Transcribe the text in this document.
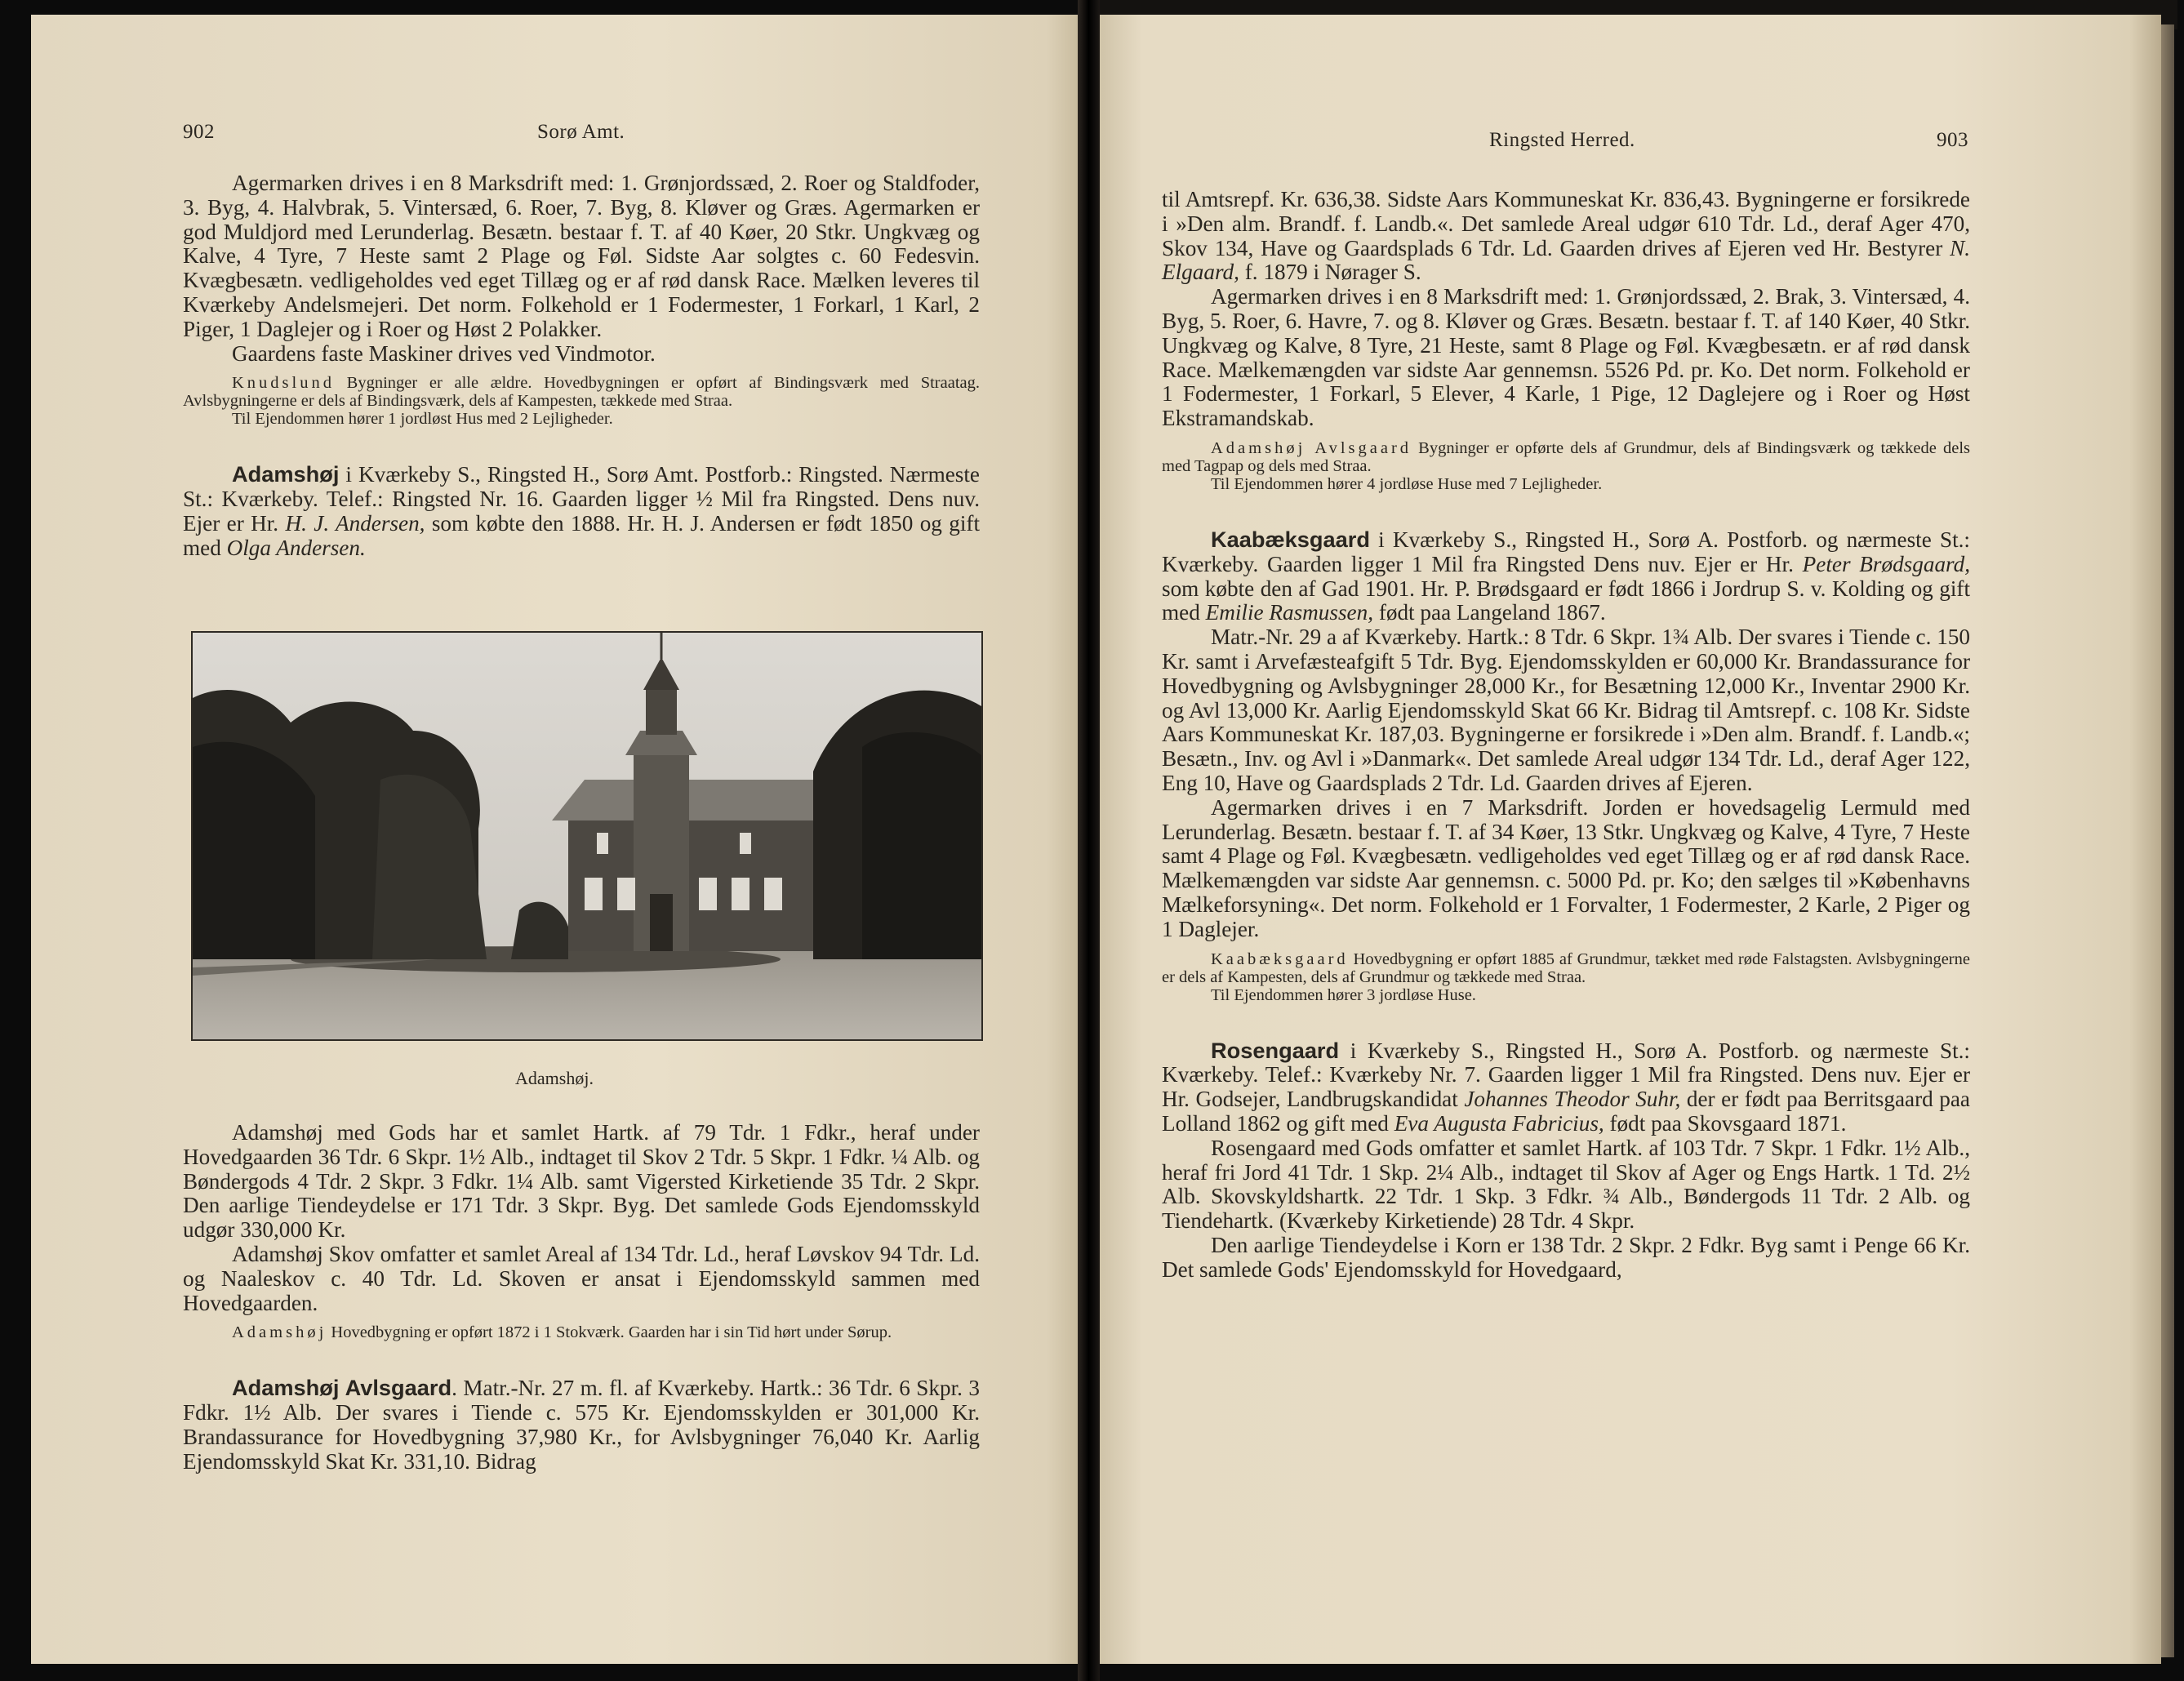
902	Sorø Amt.

Agermarken drives i en 8 Marksdrift med: 1. Grønjordssæd, 2. Roer og Staldfoder, 3. Byg, 4. Halvbrak, 5. Vintersæd, 6. Roer, 7. Byg, 8. Kløver og Græs. Agermarken er god Muldjord med Lerunderlag. Besætn. bestaar f. T. af 40 Køer, 20 Stkr. Ungkvæg og Kalve, 4 Tyre, 7 Heste samt 2 Plage og Føl. Sidste Aar solgtes c. 60 Fedesvin. Kvægbesætn. vedligeholdes ved eget Tillæg og er af rød dansk Race. Mælken leveres til Kværkeby Andelsmejeri. Det norm. Folkehold er 1 Fodermester, 1 Forkarl, 1 Karl, 2 Piger, 1 Daglejer og i Roer og Høst 2 Polakker.

Gaardens faste Maskiner drives ved Vindmotor.

Knudslund Bygninger er alle ældre. Hovedbygningen er opført af Bindingsværk med Straatag. Avlsbygningerne er dels af Bindingsværk, dels af Kampesten, tækkede med Straa.

Til Ejendommen hører 1 jordløst Hus med 2 Lejligheder.

Adamshøj i Kværkeby S., Ringsted H., Sorø Amt. Postforb.: Ringsted. Nærmeste St.: Kværkeby. Telef.: Ringsted Nr. 16. Gaarden ligger ½ Mil fra Ringsted. Dens nuv. Ejer er Hr. H. J. Andersen, som købte den 1888. Hr. H. J. Andersen er født 1850 og gift med Olga Andersen.

Adamshøj.

Adamshøj med Gods har et samlet Hartk. af 79 Tdr. 1 Fdkr., heraf under Hovedgaarden 36 Tdr. 6 Skpr. 1½ Alb., indtaget til Skov 2 Tdr. 5 Skpr. 1 Fdkr. ¼ Alb. og Bøndergods 4 Tdr. 2 Skpr. 3 Fdkr. 1¼ Alb. samt Vigersted Kirketiende 35 Tdr. 2 Skpr. Den aarlige Tiendeydelse er 171 Tdr. 3 Skpr. Byg. Det samlede Gods Ejendomsskyld udgør 330,000 Kr.

Adamshøj Skov omfatter et samlet Areal af 134 Tdr. Ld., heraf Løvskov 94 Tdr. Ld. og Naaleskov c. 40 Tdr. Ld. Skoven er ansat i Ejendomsskyld sammen med Hovedgaarden.

Adamshøj Hovedbygning er opført 1872 i 1 Stokværk. Gaarden har i sin Tid hørt under Sørup.

Adamshøj Avlsgaard. Matr.-Nr. 27 m. fl. af Kværkeby. Hartk.: 36 Tdr. 6 Skpr. 3 Fdkr. 1½ Alb. Der svares i Tiende c. 575 Kr. Ejendomsskylden er 301,000 Kr. Brandassurance for Hovedbygning 37,980 Kr., for Avlsbygninger 76,040 Kr. Aarlig Ejendomsskyld Skat Kr. 331,10. Bidrag

Ringsted Herred.	903

til Amtsrepf. Kr. 636,38. Sidste Aars Kommuneskat Kr. 836,43. Bygningerne er forsikrede i »Den alm. Brandf. f. Landb.«. Det samlede Areal udgør 610 Tdr. Ld., deraf Ager 470, Skov 134, Have og Gaardsplads 6 Tdr. Ld. Gaarden drives af Ejeren ved Hr. Bestyrer N. Elgaard, f. 1879 i Nørager S.

Agermarken drives i en 8 Marksdrift med: 1. Grønjordssæd, 2. Brak, 3. Vintersæd, 4. Byg, 5. Roer, 6. Havre, 7. og 8. Kløver og Græs. Besætn. bestaar f. T. af 140 Køer, 40 Stkr. Ungkvæg og Kalve, 8 Tyre, 21 Heste, samt 8 Plage og Føl. Kvægbesætn. er af rød dansk Race. Mælkemængden var sidste Aar gennemsn. 5526 Pd. pr. Ko. Det norm. Folkehold er 1 Fodermester, 1 Forkarl, 5 Elever, 4 Karle, 1 Pige, 12 Daglejere og i Roer og Høst Ekstramandskab.

Adamshøj Avlsgaard Bygninger er opførte dels af Grundmur, dels af Bindingsværk og tækkede dels med Tagpap og dels med Straa.

Til Ejendommen hører 4 jordløse Huse med 7 Lejligheder.

Kaabæksgaard i Kværkeby S., Ringsted H., Sorø A. Postforb. og nærmeste St.: Kværkeby. Gaarden ligger 1 Mil fra Ringsted Dens nuv. Ejer er Hr. Peter Brødsgaard, som købte den af Gad 1901. Hr. P. Brødsgaard er født 1866 i Jordrup S. v. Kolding og gift med Emilie Rasmussen, født paa Langeland 1867.

Matr.-Nr. 29 a af Kværkeby. Hartk.: 8 Tdr. 6 Skpr. 1¾ Alb. Der svares i Tiende c. 150 Kr. samt i Arvefæsteafgift 5 Tdr. Byg. Ejendomsskylden er 60,000 Kr. Brandassurance for Hovedbygning og Avlsbygninger 28,000 Kr., for Besætning 12,000 Kr., Inventar 2900 Kr. og Avl 13,000 Kr. Aarlig Ejendomsskyld Skat 66 Kr. Bidrag til Amtsrepf. c. 108 Kr. Sidste Aars Kommuneskat Kr. 187,03. Bygningerne er forsikrede i »Den alm. Brandf. f. Landb.«; Besætn., Inv. og Avl i »Danmark«. Det samlede Areal udgør 134 Tdr. Ld., deraf Ager 122, Eng 10, Have og Gaardsplads 2 Tdr. Ld. Gaarden drives af Ejeren.

Agermarken drives i en 7 Marksdrift. Jorden er hovedsagelig Lermuld med Lerunderlag. Besætn. bestaar f. T. af 34 Køer, 13 Stkr. Ungkvæg og Kalve, 4 Tyre, 7 Heste samt 4 Plage og Føl. Kvægbesætn. vedligeholdes ved eget Tillæg og er af rød dansk Race. Mælkemængden var sidste Aar gennemsn. c. 5000 Pd. pr. Ko; den sælges til »Københavns Mælkeforsyning«. Det norm. Folkehold er 1 Forvalter, 1 Fodermester, 2 Karle, 2 Piger og 1 Daglejer.

Kaabæksgaard Hovedbygning er opført 1885 af Grundmur, tækket med røde Falstagsten. Avlsbygningerne er dels af Kampesten, dels af Grundmur og tækkede med Straa.

Til Ejendommen hører 3 jordløse Huse.

Rosengaard i Kværkeby S., Ringsted H., Sorø A. Postforb. og nærmeste St.: Kværkeby. Telef.: Kværkeby Nr. 7. Gaarden ligger 1 Mil fra Ringsted. Dens nuv. Ejer er Hr. Godsejer, Landbrugskandidat Johannes Theodor Suhr, der er født paa Berritsgaard paa Lolland 1862 og gift med Eva Augusta Fabricius, født paa Skovsgaard 1871.

Rosengaard med Gods omfatter et samlet Hartk. af 103 Tdr. 7 Skpr. 1 Fdkr. 1½ Alb., heraf fri Jord 41 Tdr. 1 Skp. 2¼ Alb., indtaget til Skov af Ager og Engs Hartk. 1 Td. 2½ Alb. Skovskyldshartk. 22 Tdr. 1 Skp. 3 Fdkr. ¾ Alb., Bøndergods 11 Tdr. 2 Alb. og Tiendehartk. (Kværkeby Kirketiende) 28 Tdr. 4 Skpr.

Den aarlige Tiendeydelse i Korn er 138 Tdr. 2 Skpr. 2 Fdkr. Byg samt i Penge 66 Kr. Det samlede Gods' Ejendomsskyld for Hovedgaard,
